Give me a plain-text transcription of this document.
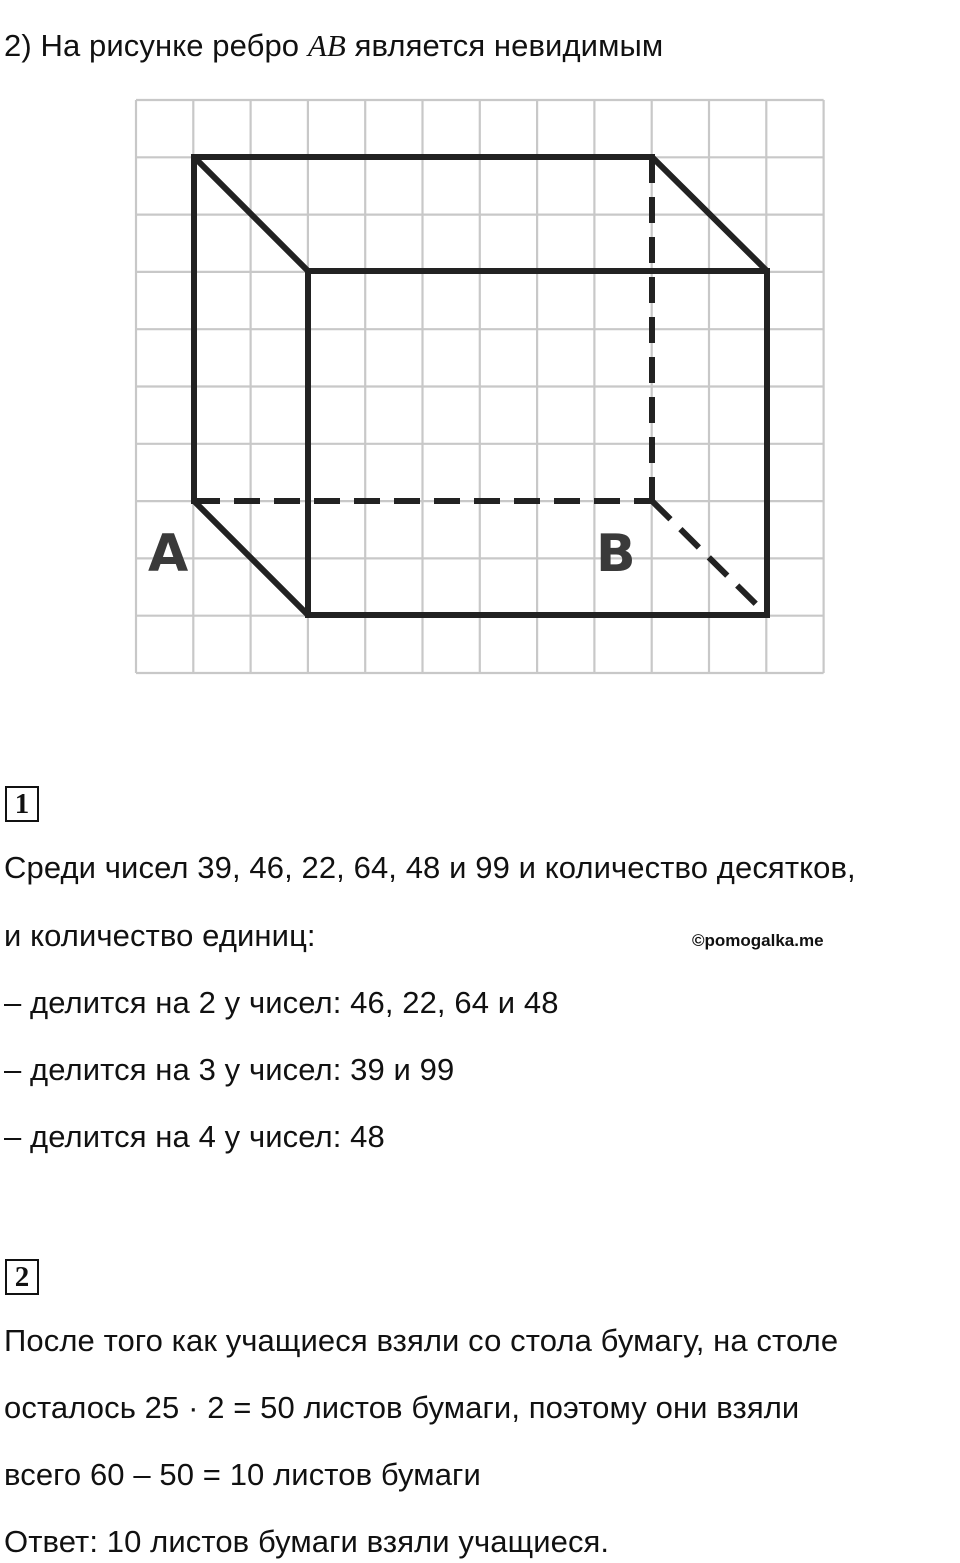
2) На рисунке ребро AB является невидимым
A	B
1
Среди чисел 39, 46, 22, 64, 48 и 99 и количество десятков,
и количество единиц:	©pomogalka.me
– делится на 2 у чисел: 46, 22, 64 и 48
– делится на 3 у чисел: 39 и 99
– делится на 4 у чисел: 48
2
После того как учащиеся взяли со стола бумагу, на столе
осталось 25 · 2 = 50 листов бумаги, поэтому они взяли
всего 60 – 50 = 10 листов бумаги
Ответ: 10 листов бумаги взяли учащиеся.
